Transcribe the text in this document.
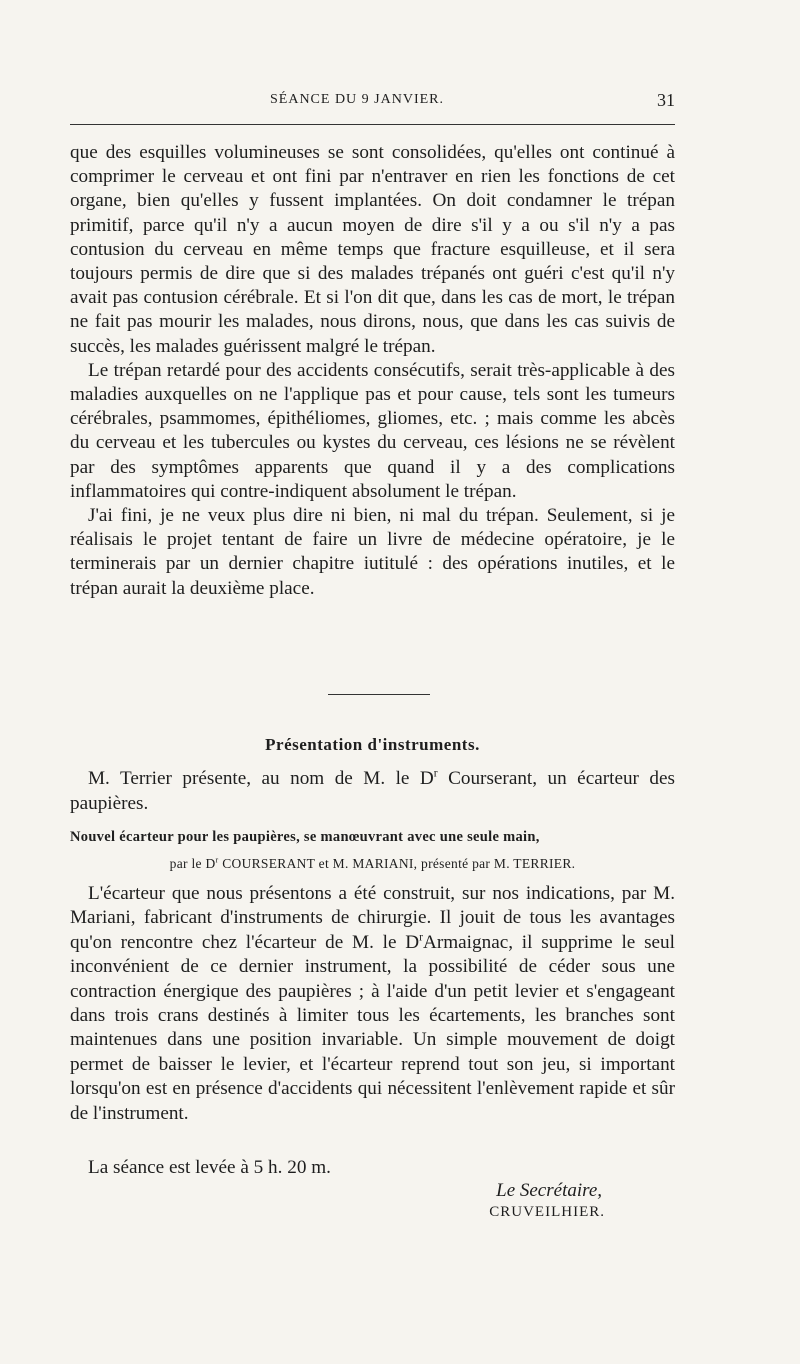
SÉANCE DU 9 JANVIER.	31

que des esquilles volumineuses se sont consolidées, qu'elles ont continué à comprimer le cerveau et ont fini par n'entraver en rien les fonctions de cet organe, bien qu'elles y fussent implantées. On doit condamner le trépan primitif, parce qu'il n'y a aucun moyen de dire s'il y a ou s'il n'y a pas contusion du cerveau en même temps que fracture esquilleuse, et il sera toujours permis de dire que si des malades trépanés ont guéri c'est qu'il n'y avait pas contusion cérébrale. Et si l'on dit que, dans les cas de mort, le trépan ne fait pas mourir les malades, nous dirons, nous, que dans les cas suivis de succès, les malades guérissent malgré le trépan.

Le trépan retardé pour des accidents consécutifs, serait très-applicable à des maladies auxquelles on ne l'applique pas et pour cause, tels sont les tumeurs cérébrales, psammomes, épithéliomes, gliomes, etc. ; mais comme les abcès du cerveau et les tubercules ou kystes du cerveau, ces lésions ne se révèlent par des symptômes apparents que quand il y a des complications inflammatoires qui contre-indiquent absolument le trépan.

J'ai fini, je ne veux plus dire ni bien, ni mal du trépan. Seulement, si je réalisais le projet tentant de faire un livre de médecine opératoire, je le terminerais par un dernier chapitre iutitulé : des opérations inutiles, et le trépan aurait la deuxième place.

Présentation d'instruments.

M. Terrier présente, au nom de M. le $D^r$ Courserant, un écarteur des paupières.

Nouvel écarteur pour les paupières, se manœuvrant avec une seule main,
par le $D^r$ COURSERANT et M. MARIANI, présenté par M. TERRIER.

L'écarteur que nous présentons a été construit, sur nos indications, par M. Mariani, fabricant d'instruments de chirurgie. Il jouit de tous les avantages qu'on rencontre chez l'écarteur de M. le $D^rArmaignac$, il supprime le seul inconvénient de ce dernier instrument, la possibilité de céder sous une contraction énergique des paupières ; à l'aide d'un petit levier et s'engageant dans trois crans destinés à limiter tous les écartements, les branches sont maintenues dans une position invariable. Un simple mouvement de doigt permet de baisser le levier, et l'écarteur reprend tout son jeu, si important lorsqu'on est en présence d'accidents qui nécessitent l'enlèvement rapide et sûr de l'instrument.

La séance est levée à 5 h. 20 m.
Le Secrétaire,
CRUVEILHIER.
